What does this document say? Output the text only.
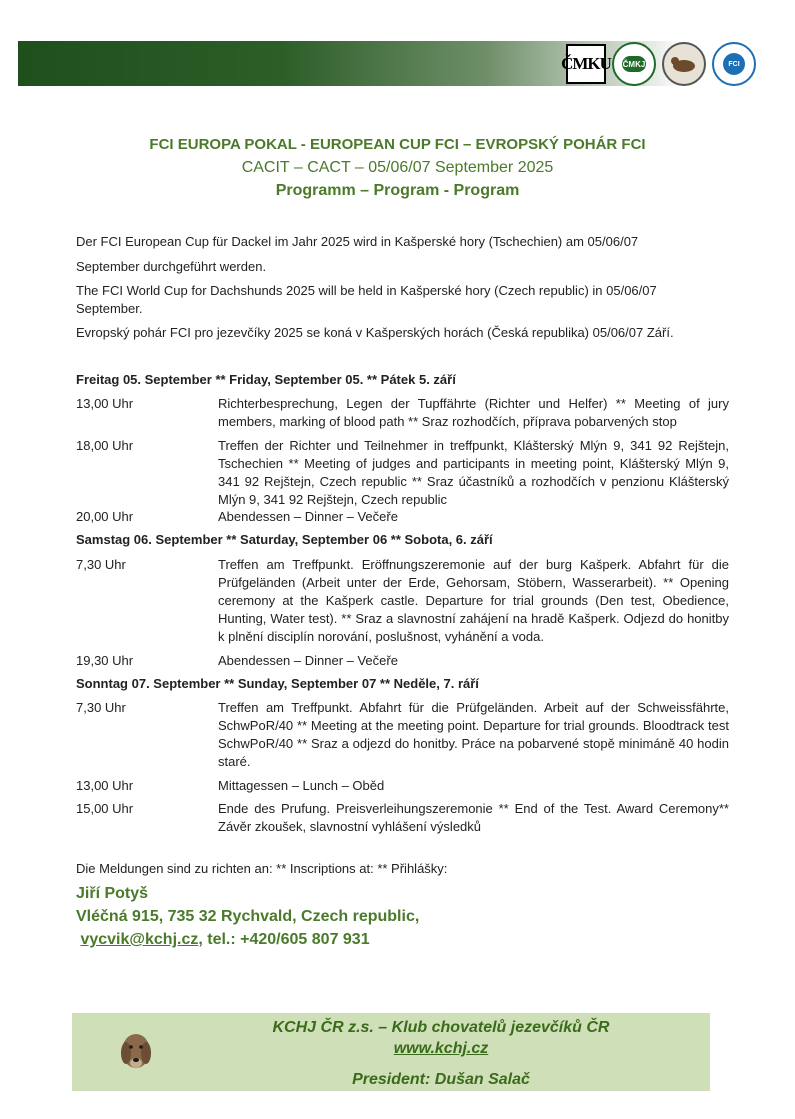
ČMKU ČMKJ	FCI
FCI EUROPA POKAL - EUROPEAN CUP FCI – EVROPSKÝ POHÁR FCI
CACIT – CACT – 05/06/07 September 2025
Programm – Program - Program
Der FCI European Cup für Dackel im Jahr 2025 wird in Kašperské hory (Tschechien) am 05/06/07
September durchgeführt werden.
The FCI World Cup for Dachshunds 2025 will be held in Kašperské hory (Czech republic) in 05/06/07
September.
Evropský pohár FCI pro jezevčíky 2025 se koná v Kašperských horách (Česká republika) 05/06/07 Září.
Freitag 05. September ** Friday, September 05. ** Pátek 5. září
13,00 Uhr	Richterbesprechung, Legen der Tupffährte (Richter und Helfer) ** Meeting of jury members, marking of blood path ** Sraz rozhodčích, příprava pobarvených stop
18,00 Uhr	Treffen der Richter und Teilnehmer in treffpunkt, Klášterský Mlýn 9, 341 92 Rejštejn, Tschechien ** Meeting of judges and participants in meeting point, Klášterský Mlýn 9, 341 92 Rejštejn, Czech republic ** Sraz účastníků a rozhodčích v penzionu Klášterský Mlýn 9, 341 92 Rejštejn, Czech republic
20,00 Uhr	Abendessen – Dinner – Večeře
Samstag 06. September ** Saturday, September 06 ** Sobota, 6. září
7,30 Uhr	Treffen am Treffpunkt. Eröffnungszeremonie auf der burg Kašperk. Abfahrt für die Prüfgeländen (Arbeit unter der Erde, Gehorsam, Stöbern, Wasserarbeit). ** Opening ceremony at the Kašperk castle. Departure for trial grounds (Den test, Obedience, Hunting, Water test). ** Sraz a slavnostní zahájení na hradě Kašperk. Odjezd do honitby k plnění disciplín norování, poslušnost, vyhánění a voda.
19,30 Uhr	Abendessen – Dinner – Večeře
Sonntag 07. September ** Sunday, September 07 ** Neděle, 7. ráří
7,30 Uhr	Treffen am Treffpunkt. Abfahrt für die Prüfgeländen. Arbeit auf der Schweissfährte, SchwPoR/40 ** Meeting at the meeting point. Departure for trial grounds. Bloodtrack test SchwPoR/40 ** Sraz a odjezd do honitby. Práce na pobarvené stopě minimáně 40 hodin staré.
13,00 Uhr	Mittagessen – Lunch – Oběd
15,00 Uhr	Ende des Prufung. Preisverleihungszeremonie ** End of the Test. Award Ceremony** Závěr zkoušek, slavnostní vyhlášení výsledků
Die Meldungen sind zu richten an: ** Inscriptions at: ** Přihlášky:
Jiří Potyš
Vléčná 915, 735 32 Rychvald, Czech republic,
vycvik@kchj.cz, tel.: +420/605 807 931
KCHJ ČR z.s. – Klub chovatelů jezevčíků ČR
www.kchj.cz
President: Dušan Salač
